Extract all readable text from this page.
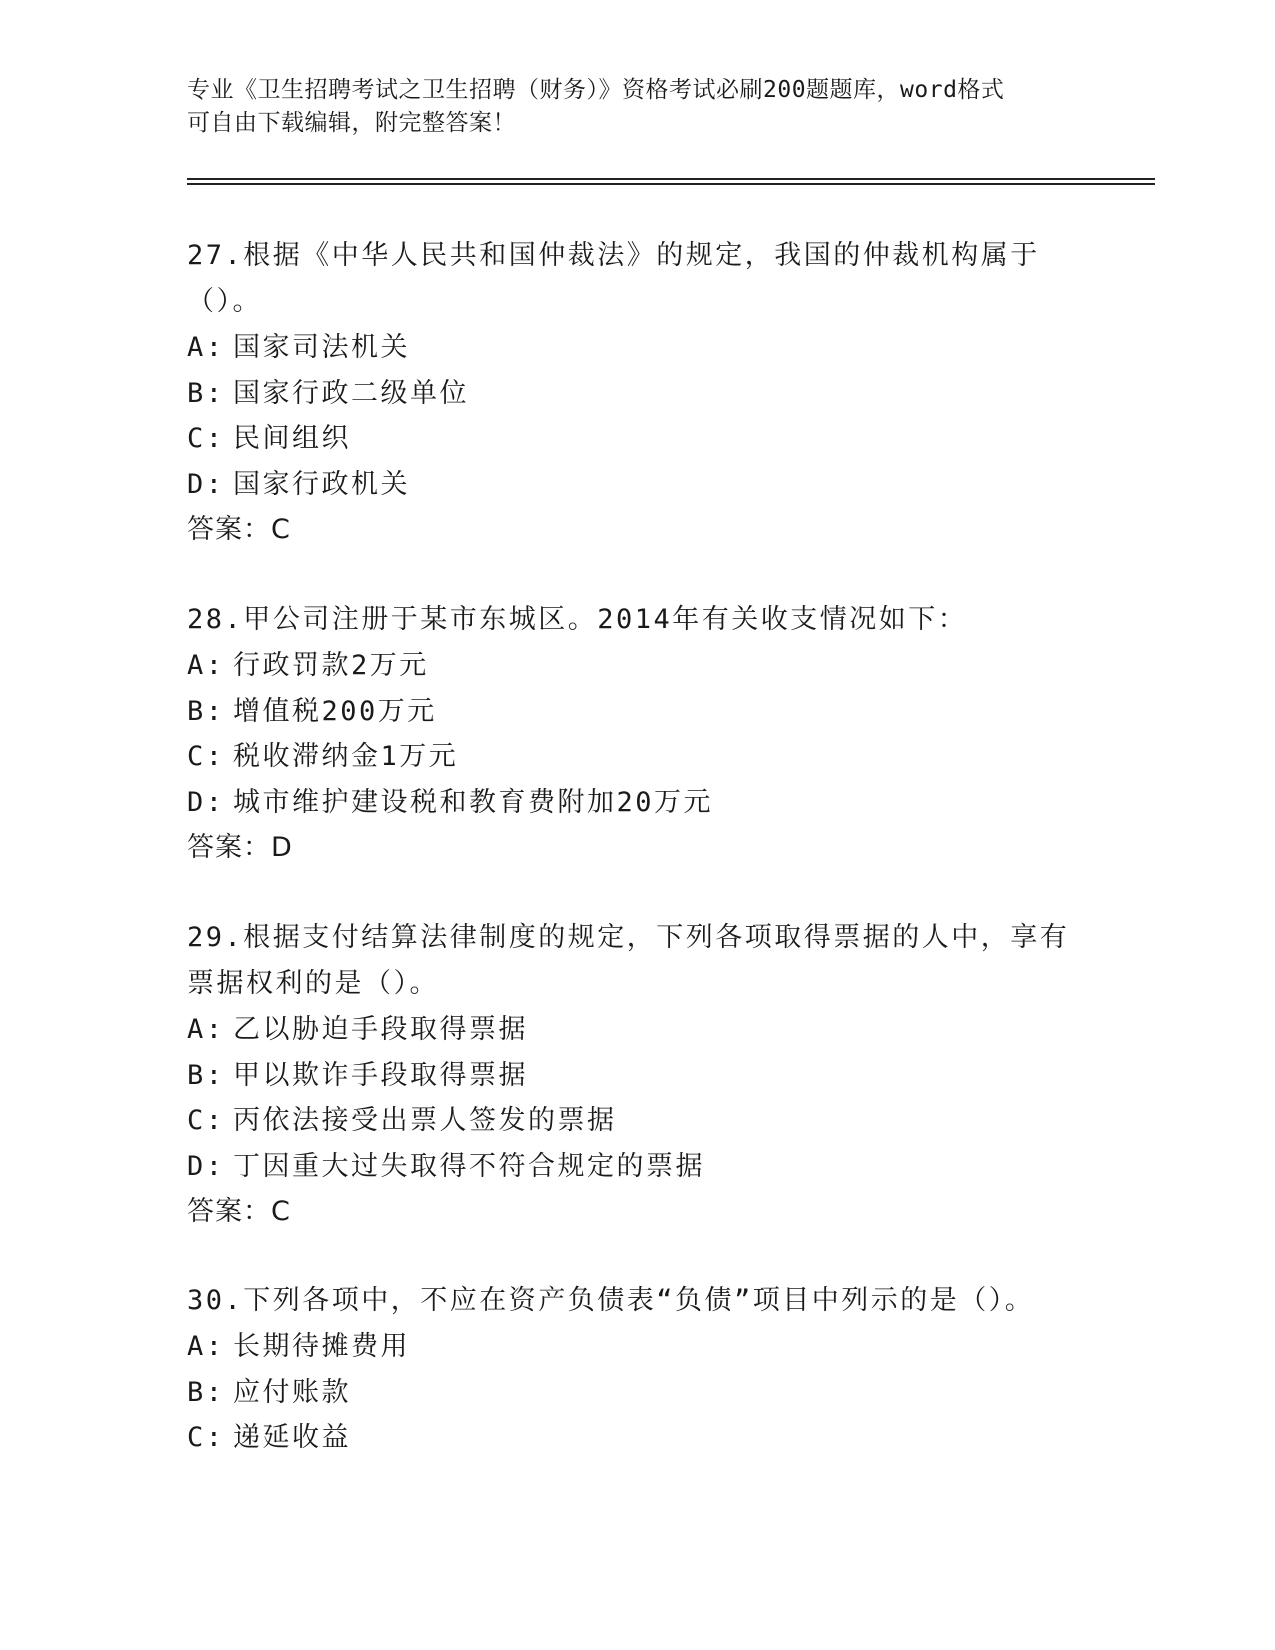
专业《卫生招聘考试之卫生招聘（财务）》资格考试必刷200题题库，word格式
可自由下载编辑，附完整答案！

27.根据《中华人民共和国仲裁法》的规定，我国的仲裁机构属于（）。

A: 国家司法机关

B: 国家行政二级单位

C: 民间组织

D: 国家行政机关

答案：C

28.甲公司注册于某市东城区。2014年有关收支情况如下：

A: 行政罚款2万元

B: 增值税200万元

C: 税收滞纳金1万元

D: 城市维护建设税和教育费附加20万元

答案：D

29.根据支付结算法律制度的规定，下列各项取得票据的人中，享有票据权利的是（）。

A: 乙以胁迫手段取得票据

B: 甲以欺诈手段取得票据

C: 丙依法接受出票人签发的票据

D: 丁因重大过失取得不符合规定的票据

答案：C

30.下列各项中，不应在资产负债表“负债”项目中列示的是（）。

A: 长期待摊费用

B: 应付账款

C: 递延收益
